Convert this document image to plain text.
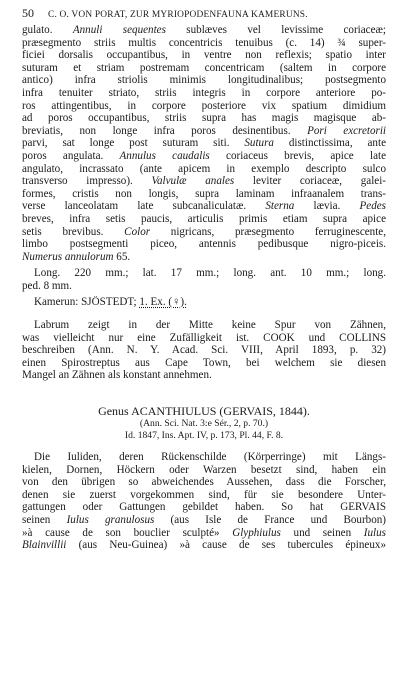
50	C. O. VON PORAT, ZUR MYRIOPODENFAUNA KAMERUNS.
gulato. Annuli sequentes sublæves vel levissime coriaceæ;
præsegmento striis multis concentricis tenuibus (c. 14) ¾ super-
ficiei dorsalis occupantibus, in ventre non reflexis; spatio inter
suturam et striam postremam concentricam (saltem in corpore
antico) infra striolis minimis longitudinalibus; postsegmento
infra tenuiter striato, striis integris in corpore anteriore po-
ros attingentibus, in corpore posteriore vix spatium dimidium
ad poros occupantibus, striis supra has magis magisque ab-
breviatis, non longe infra poros desinentibus. Pori excretorii
parvi, sat longe post suturam siti. Sutura distinctissima, ante
poros angulata. Annulus caudalis coriaceus brevis, apice late
angulato, incrassato (ante apicem in exemplo descripto sulco
transverso impresso). Valvulæ anales leviter coriaceæ, galei-
formes, cristis non longis, supra laminam infraanalem trans-
verse lanceolatam late subcanaliculatæ. Sterna lævia. Pedes
breves, infra setis paucis, articulis primis etiam supra apice
setis brevibus. Color nigricans, præsegmento ferruginescente,
limbo postsegmenti piceo, antennis pedibusque nigro-piceis.
Numerus annulorum 65.
Long. 220 mm.; lat. 17 mm.; long. ant. 10 mm.; long.
ped. 8 mm.
Kamerun: SJÖSTEDT; 1. Ex. (♀).
Labrum zeigt in der Mitte keine Spur von Zähnen,
was vielleicht nur eine Zufälligkeit ist. COOK und COLLINS
beschreiben (Ann. N. Y. Acad. Sci. VIII, April 1893, p. 32)
einen Spirostreptus aus Cape Town, bei welchem sie diesen
Mangel an Zähnen als konstant annehmen.
Genus ACANTHIULUS (GERVAIS, 1844).
(Ann. Sci. Nat. 3:e Sér., 2, p. 70.)
Id. 1847, Ins. Apt. IV, p. 173, Pl. 44, F. 8.
Die Iuliden, deren Rückenschilde (Körperringe) mit Längs-
kielen, Dornen, Höckern oder Warzen besetzt sind, haben ein
von den übrigen so abweichendes Aussehen, dass die Forscher,
denen sie zuerst vorgekommen sind, für sie besondere Unter-
gattungen oder Gattungen gebildet haben. So hat GERVAIS
seinen Iulus granulosus (aus Isle de France und Bourbon)
»à cause de son bouclier sculpté» Glyphiulus und seinen Iulus
Blainvillii (aus Neu-Guinea) »à cause de ses tubercules épineux»
